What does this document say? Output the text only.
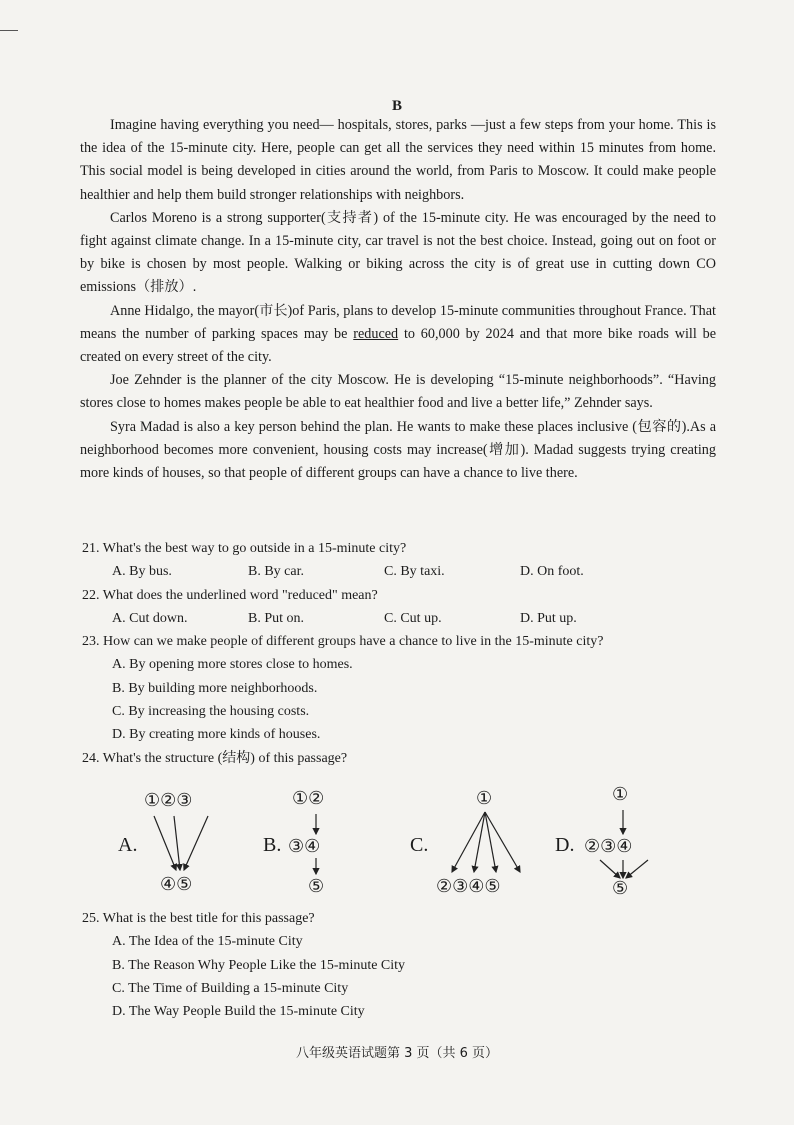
B

Imagine having everything you need— hospitals, stores, parks —just a few steps from your home. This is the idea of the 15-minute city. Here, people can get all the services they need within 15 minutes from home. This social model is being developed in cities around the world, from Paris to Moscow. It could make people healthier and help them build stronger relationships with neighbors.

Carlos Moreno is a strong supporter(支持者) of the 15-minute city. He was encouraged by the need to fight against climate change. In a 15-minute city, car travel is not the best choice. Instead, going out on foot or by bike is chosen by most people. Walking or biking across the city is of great use in cutting down CO emissions（排放）.

Anne Hidalgo, the mayor(市长)of Paris, plans to develop 15-minute communities throughout France. That means the number of parking spaces may be reduced to 60,000 by 2024 and that more bike roads will be created on every street of the city.

Joe Zehnder is the planner of the city Moscow. He is developing “15-minute neighborhoods”. “Having stores close to homes makes people be able to eat healthier food and live a better life,” Zehnder says.

Syra Madad is also a key person behind the plan. He wants to make these places inclusive (包容的).As a neighborhood becomes more convenient, housing costs may increase(增加). Madad suggests trying creating more kinds of houses, so that people of different groups can have a chance to live there.

21. What's the best way to go outside in a 15-minute city?
A. By bus.	B. By car.	C. By taxi.	D. On foot.
22. What does the underlined word "reduced" mean?
A. Cut down.	B. Put on.	C. Cut up.	D. Put up.
23. How can we make people of different groups have a chance to live in the 15-minute city?
A. By opening more stores close to homes.
B. By building more neighborhoods.
C. By increasing the housing costs.
D. By creating more kinds of houses.
24. What's the structure (结构) of this passage?
A.
①②③
④⑤
B.
①②
③④
⑤
C.
①
②③④⑤
D.
①
②③④
⑤
25. What is the best title for this passage?
A. The Idea of the 15-minute City
B. The Reason Why People Like the 15-minute City
C. The Time of Building a 15-minute City
D. The Way People Build the 15-minute City
八年级英语试题第 3 页（共 6 页）
